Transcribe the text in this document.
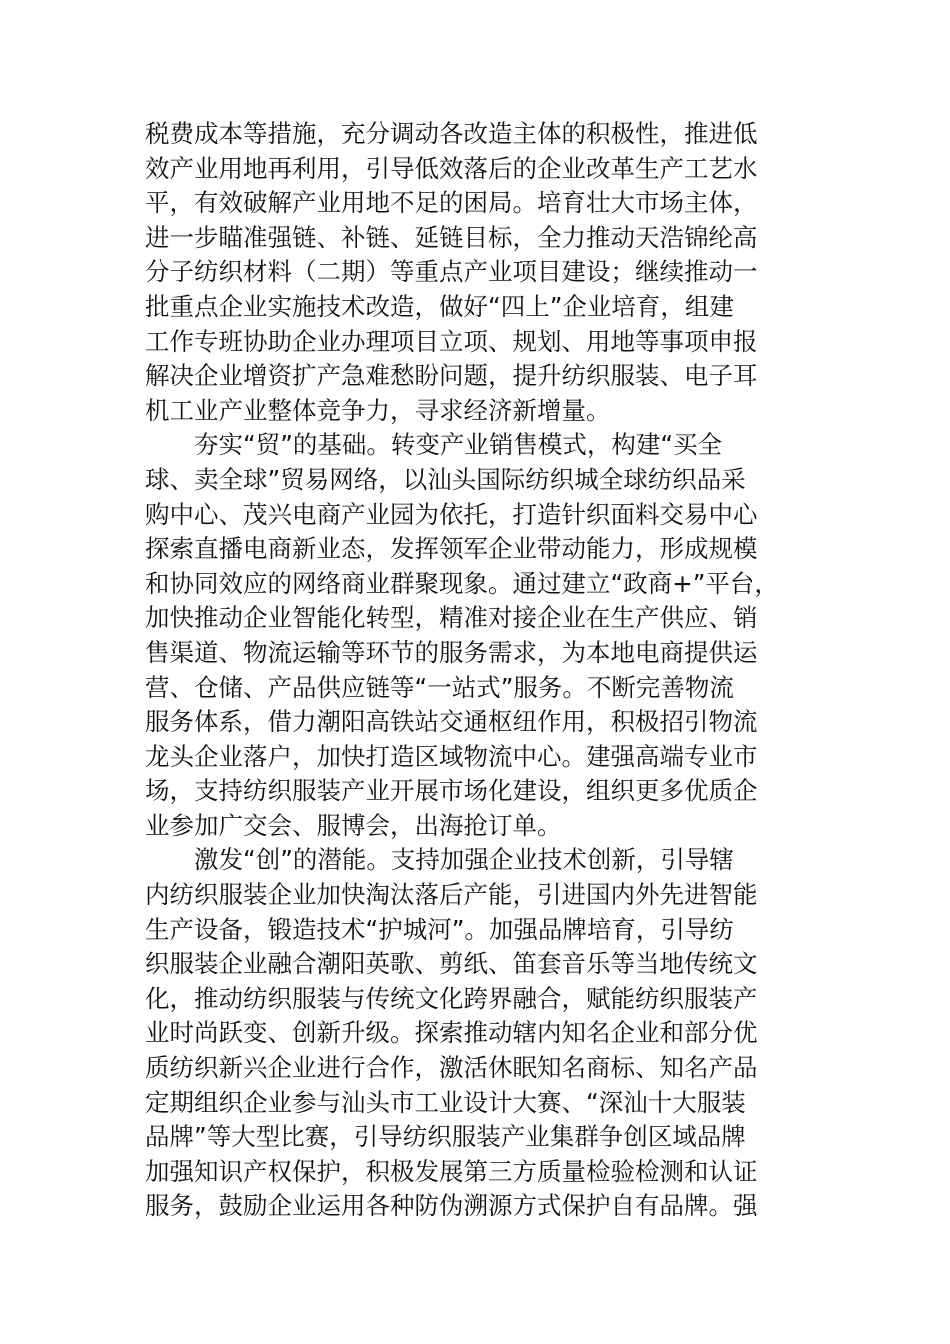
税费成本等措施，充分调动各改造主体的积极性，推进低
效产业用地再利用，引导低效落后的企业改革生产工艺水
平，有效破解产业用地不足的困局。培育壮大市场主体，
进一步瞄准强链、补链、延链目标，全力推动天浩锦纶高
分子纺织材料（二期）等重点产业项目建设；继续推动一
批重点企业实施技术改造，做好“四上”企业培育，组建
工作专班协助企业办理项目立项、规划、用地等事项申报
解决企业增资扩产急难愁盼问题，提升纺织服装、电子耳
机工业产业整体竞争力，寻求经济新增量。
　　夯实“贸”的基础。转变产业销售模式，构建“买全
球、卖全球”贸易网络，以汕头国际纺织城全球纺织品采
购中心、茂兴电商产业园为依托，打造针织面料交易中心
探索直播电商新业态，发挥领军企业带动能力，形成规模
和协同效应的网络商业群聚现象。通过建立“政商+”平台，
加快推动企业智能化转型，精准对接企业在生产供应、销
售渠道、物流运输等环节的服务需求，为本地电商提供运
营、仓储、产品供应链等“一站式”服务。不断完善物流
服务体系，借力潮阳高铁站交通枢纽作用，积极招引物流
龙头企业落户，加快打造区域物流中心。建强高端专业市
场，支持纺织服装产业开展市场化建设，组织更多优质企
业参加广交会、服博会，出海抢订单。
　　激发“创”的潜能。支持加强企业技术创新，引导辖
内纺织服装企业加快淘汰落后产能，引进国内外先进智能
生产设备，锻造技术“护城河”。加强品牌培育，引导纺
织服装企业融合潮阳英歌、剪纸、笛套音乐等当地传统文
化，推动纺织服装与传统文化跨界融合，赋能纺织服装产
业时尚跃变、创新升级。探索推动辖内知名企业和部分优
质纺织新兴企业进行合作，激活休眠知名商标、知名产品
定期组织企业参与汕头市工业设计大赛、“深汕十大服装
品牌”等大型比赛，引导纺织服装产业集群争创区域品牌
加强知识产权保护，积极发展第三方质量检验检测和认证
服务，鼓励企业运用各种防伪溯源方式保护自有品牌。强
